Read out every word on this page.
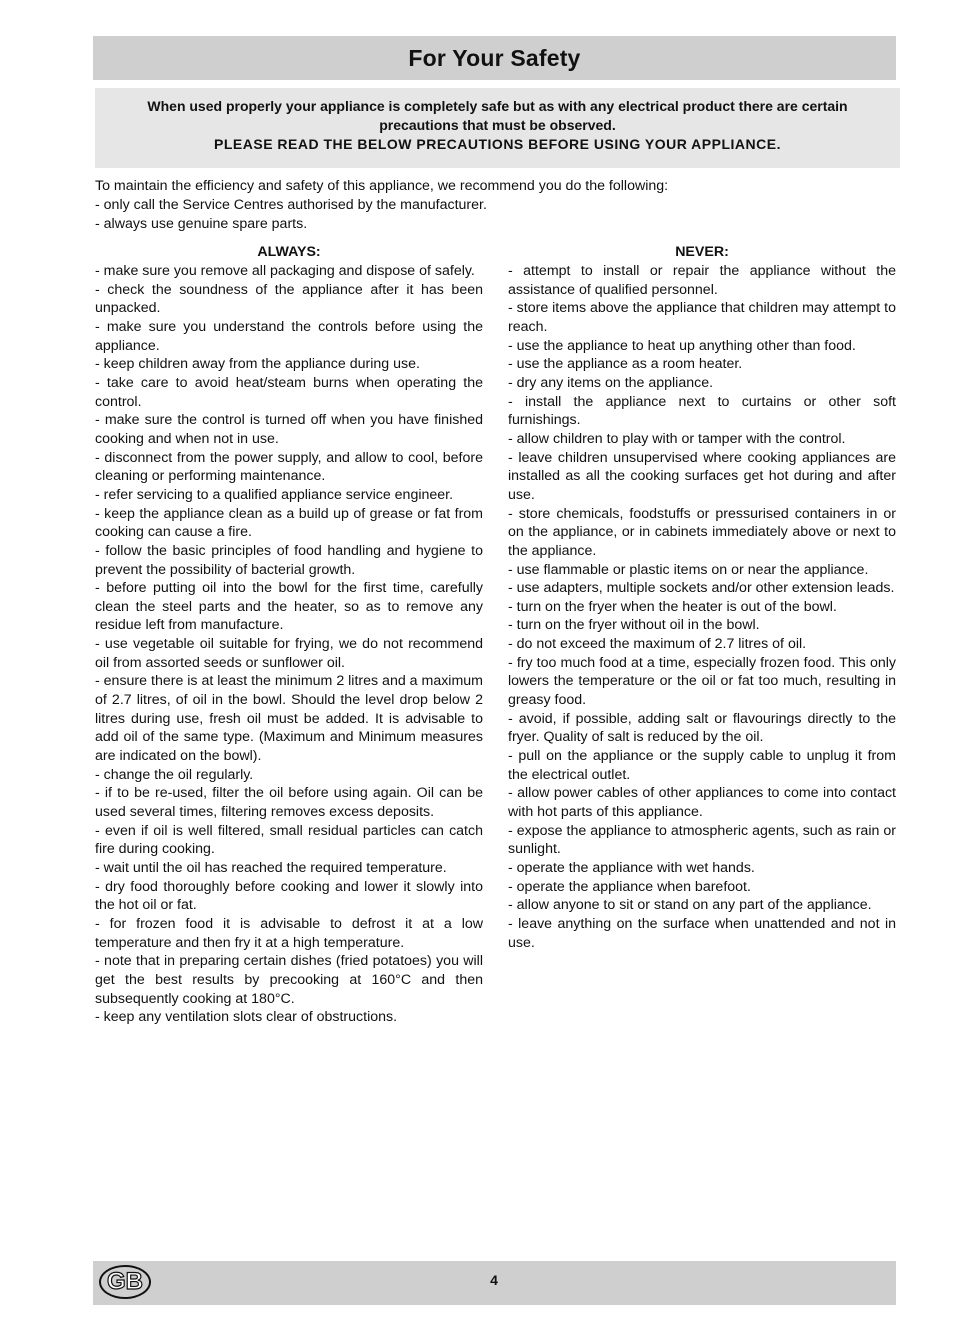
For Your Safety
When used properly your appliance is completely safe but as with any electrical product there are certain precautions that must be observed.
PLEASE READ THE BELOW PRECAUTIONS BEFORE USING YOUR APPLIANCE.
To maintain the efficiency and safety of this appliance, we recommend you do the following:
- only call the Service Centres authorised by the manufacturer.
- always use genuine spare parts.
ALWAYS:

- make sure you remove all packaging and dispose of safely.

- check the soundness of the appliance after it has been unpacked.

- make sure you understand the controls before using the appliance.

- keep children away from the appliance during use.

- take care to avoid heat/steam burns when operating the control.

- make sure the control is turned off when you have finished cooking and when not in use.

- disconnect from the power supply, and allow to cool, before cleaning or performing maintenance.

- refer servicing to a qualified appliance service engineer.

- keep the appliance clean as a build up of grease or fat from cooking can cause a fire.

- follow the basic principles of food handling and hygiene to prevent the possibility of bacterial growth.

- before putting oil into the bowl for the first time, carefully clean the steel parts and the heater, so as to remove any residue left from manufacture.

- use vegetable oil suitable for frying, we do not recommend oil from assorted seeds or sunflower oil.

- ensure there is at least the minimum 2 litres and a maximum of 2.7 litres, of oil in the bowl. Should the level drop below 2 litres during use, fresh oil must be added. It is advisable to add oil of the same type. (Maximum and Minimum measures are indicated on the bowl).

- change the oil regularly.

- if to be re-used, filter the oil before using again. Oil can be used several times, filtering removes excess deposits.

- even if oil is well filtered, small residual particles can catch fire during cooking.

- wait until the oil has reached the required temperature.

- dry food thoroughly before cooking and lower it slowly into the hot oil or fat.

- for frozen food it is advisable to defrost it at a low temperature and then fry it at a high temperature.

- note that in preparing certain dishes (fried potatoes) you will get the best results by precooking at 160°C and then subsequently cooking at 180°C.

- keep any ventilation slots clear of obstructions.

NEVER:

- attempt to install or repair the appliance without the assistance of qualified personnel.

- store items above the appliance that children may attempt to reach.

- use the appliance to heat up anything other than food.

- use the appliance as a room heater.

- dry any items on the appliance.

- install the appliance next to curtains or other soft furnishings.

- allow children to play with or tamper with the control.

- leave children unsupervised where cooking appliances are installed as all the cooking surfaces get hot during and after use.

- store chemicals, foodstuffs or pressurised containers in or on the appliance, or in cabinets immediately above or next to the appliance.

- use flammable or plastic items on or near the appliance.

- use adapters, multiple sockets and/or other extension leads.

- turn on the fryer when the heater is out of the bowl.

- turn on the fryer without oil in the bowl.

- do not exceed the maximum of 2.7 litres of oil.

- fry too much food at a time, especially frozen food. This only lowers the temperature or the oil or fat too much, resulting in greasy food.

- avoid, if possible, adding salt or flavourings directly to the fryer. Quality of salt is reduced by the oil.

- pull on the appliance or the supply cable to unplug it from the electrical outlet.

- allow power cables of other appliances to come into contact with hot parts of this appliance.

- expose the appliance to atmospheric agents, such as rain or sunlight.

- operate the appliance with wet hands.

- operate the appliance when barefoot.

- allow anyone to sit or stand on any part of the appliance.

- leave anything on the surface when unattended and not in use.

GB	4
